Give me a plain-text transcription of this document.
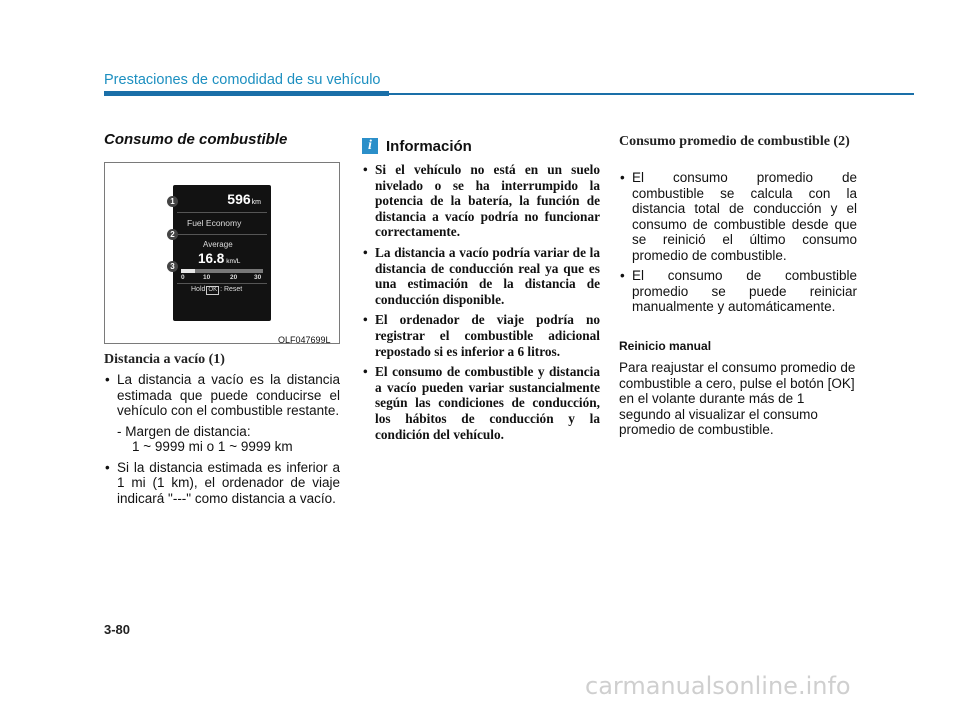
Prestaciones de comodidad de su vehículo
Consumo de combustible
596km
Fuel Economy
Average
16.8 km/L
0	10	20	30
Hold OK : Reset
1
2
3
OLF047699L
Distancia a vacío (1)
• La distancia a vacío es la distancia estimada que puede conducirse el vehículo con el combustible restante.
- Margen de distancia:
1 ~ 9999 mi o 1 ~ 9999 km
• Si la distancia estimada es inferior a 1 mi (1 km), el ordenador de viaje indicará "---" como distancia a vacío.
i Información
• Si el vehículo no está en un suelo nivelado o se ha interrumpido la potencia de la batería, la función de distancia a vacío podría no funcionar correctamente.
• La distancia a vacío podría variar de la distancia de conducción real ya que es una estimación de la distancia de conducción disponible.
• El ordenador de viaje podría no registrar el combustible adicional repostado si es inferior a 6 litros.
• El consumo de combustible y distancia a vacío pueden variar sustancialmente según las condiciones de conducción, los hábitos de conducción y la condición del vehículo.
Consumo promedio de combustible (2)
• El consumo promedio de combustible se calcula con la distancia total de conducción y el consumo de combustible desde que se reinició el último consumo promedio de combustible.
• El consumo de combustible promedio se puede reiniciar manualmente y automáticamente.
Reinicio manual
Para reajustar el consumo promedio de combustible a cero, pulse el botón [OK] en el volante durante más de 1 segundo al visualizar el consumo promedio de combustible.
3-80
carmanualsonline.info
